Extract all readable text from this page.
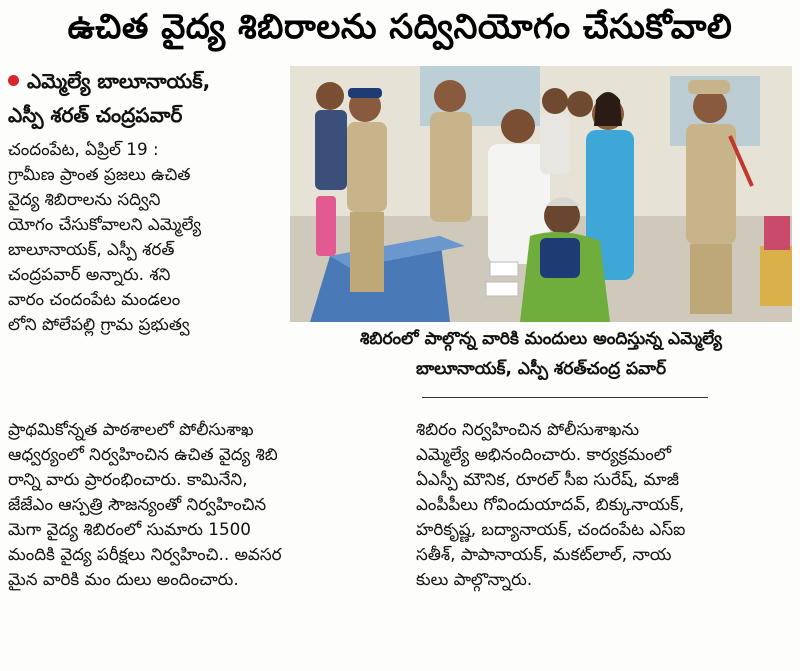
ఉచిత వైద్య శిబిరాలను సద్వినియోగం చేసుకోవాలి
ఎమ్మెల్యే బాలూనాయక్,
ఎస్పీ శరత్ చంద్రపవార్
చందంపేట, ఏప్రిల్ 19 :
గ్రామీణ ప్రాంత ప్రజలు ఉచిత
వైద్య శిబిరాలను సద్విని
యోగం చేసుకోవాలని ఎమ్మెల్యే
బాలూనాయక్, ఎస్పీ శరత్
చంద్రపవార్ అన్నారు. శని
వారం చందంపేట మండలం
లోని పోలేపల్లి గ్రామ ప్రభుత్వ
ప్రాథమికోన్నత పాఠశాలలో పోలీసుశాఖ
ఆధ్వర్యంలో నిర్వహించిన ఉచిత వైద్య శిబి
రాన్ని వారు ప్రారంభించారు. కామినేని,
జేజేఎం ఆస్పత్రి సౌజన్యంతో నిర్వహించిన
మెగా వైద్య శిబిరంలో సుమారు 1500
మందికి వైద్య పరీక్షలు నిర్వహించి.. అవసర
మైన వారికి మం దులు అందించారు.
శిబిరం నిర్వహించిన పోలీసుశాఖను
ఎమ్మెల్యే అభినందించారు. కార్యక్రమంలో
ఏఎస్పీ మౌనిక, రూరల్ సీఐ సురేష్, మాజీ
ఎంపీపీలు గోవిందుయాదవ్, బిక్కునాయక్,
హరికృష్ణ, బద్యానాయక్, చందంపేట ఎస్ఐ
సతీశ్, పాపానాయక్, మకట్‌లాల్, నాయ
కులు పాల్గొన్నారు.
శిబిరంలో పాల్గొన్న వారికి మందులు అందిస్తున్న ఎమ్మెల్యే
బాలూనాయక్, ఎస్పీ శరత్‌చంద్ర పవార్
